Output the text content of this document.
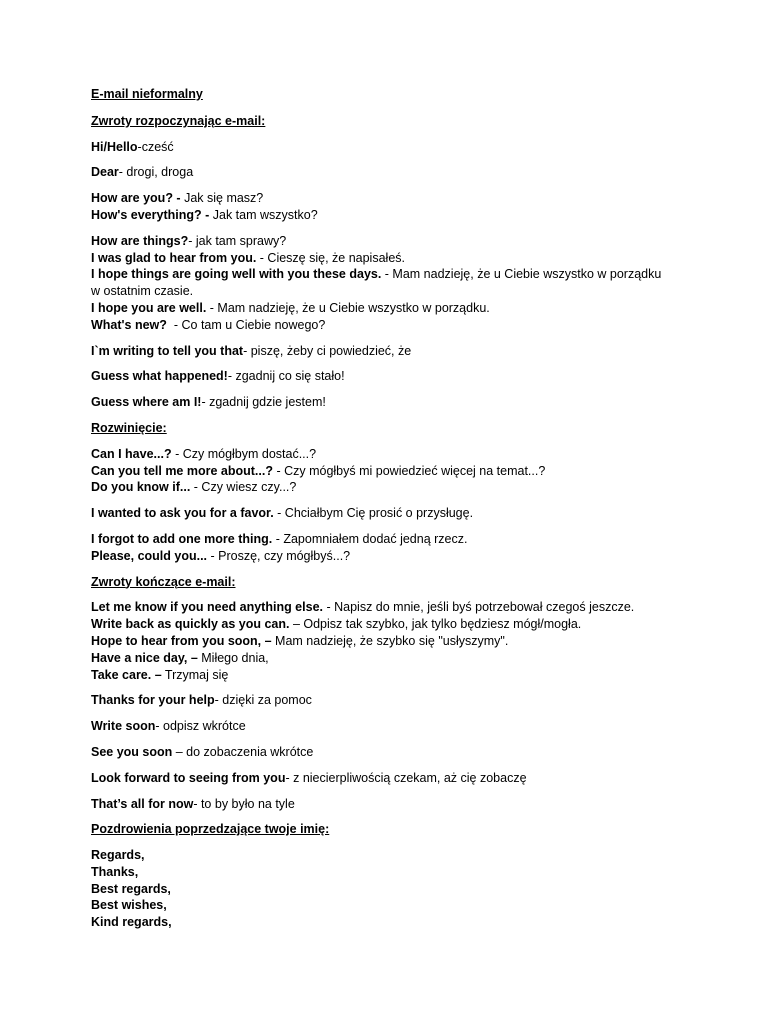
E-mail nieformalny
Zwroty rozpoczynając e-mail:
Hi/Hello-cześć
Dear- drogi, droga
How are you? - Jak się masz?
How's everything? - Jak tam wszystko?
How are things?- jak tam sprawy?
I was glad to hear from you. - Cieszę się, że napisałeś.
I hope things are going well with you these days. - Mam nadzieję, że u Ciebie wszystko w porządku
w ostatnim czasie.
I hope you are well. - Mam nadzieję, że u Ciebie wszystko w porządku.
What's new?  - Co tam u Ciebie nowego?
I`m writing to tell you that- piszę, żeby ci powiedzieć, że
Guess what happened!- zgadnij co się stało!
Guess where am I!- zgadnij gdzie jestem!
Rozwinięcie:
Can I have...? - Czy mógłbym dostać...?
Can you tell me more about...? - Czy mógłbyś mi powiedzieć więcej na temat...?
Do you know if... - Czy wiesz czy...?
I wanted to ask you for a favor. - Chciałbym Cię prosić o przysługę.
I forgot to add one more thing. - Zapomniałem dodać jedną rzecz.
Please, could you... - Proszę, czy mógłbyś...?
Zwroty kończące e-mail:
Let me know if you need anything else. - Napisz do mnie, jeśli byś potrzebował czegoś jeszcze.
Write back as quickly as you can. – Odpisz tak szybko, jak tylko będziesz mógł/mogła.
Hope to hear from you soon, – Mam nadzieję, że szybko się "usłyszymy".
Have a nice day, – Miłego dnia,
Take care. – Trzymaj się
Thanks for your help- dzięki za pomoc
Write soon- odpisz wkrótce
See you soon – do zobaczenia wkrótce
Look forward to seeing from you- z niecierpliwością czekam, aż cię zobaczę
That’s all for now- to by było na tyle
Pozdrowienia poprzedzające twoje imię:
Regards,
Thanks,
Best regards,
Best wishes,
Kind regards,
